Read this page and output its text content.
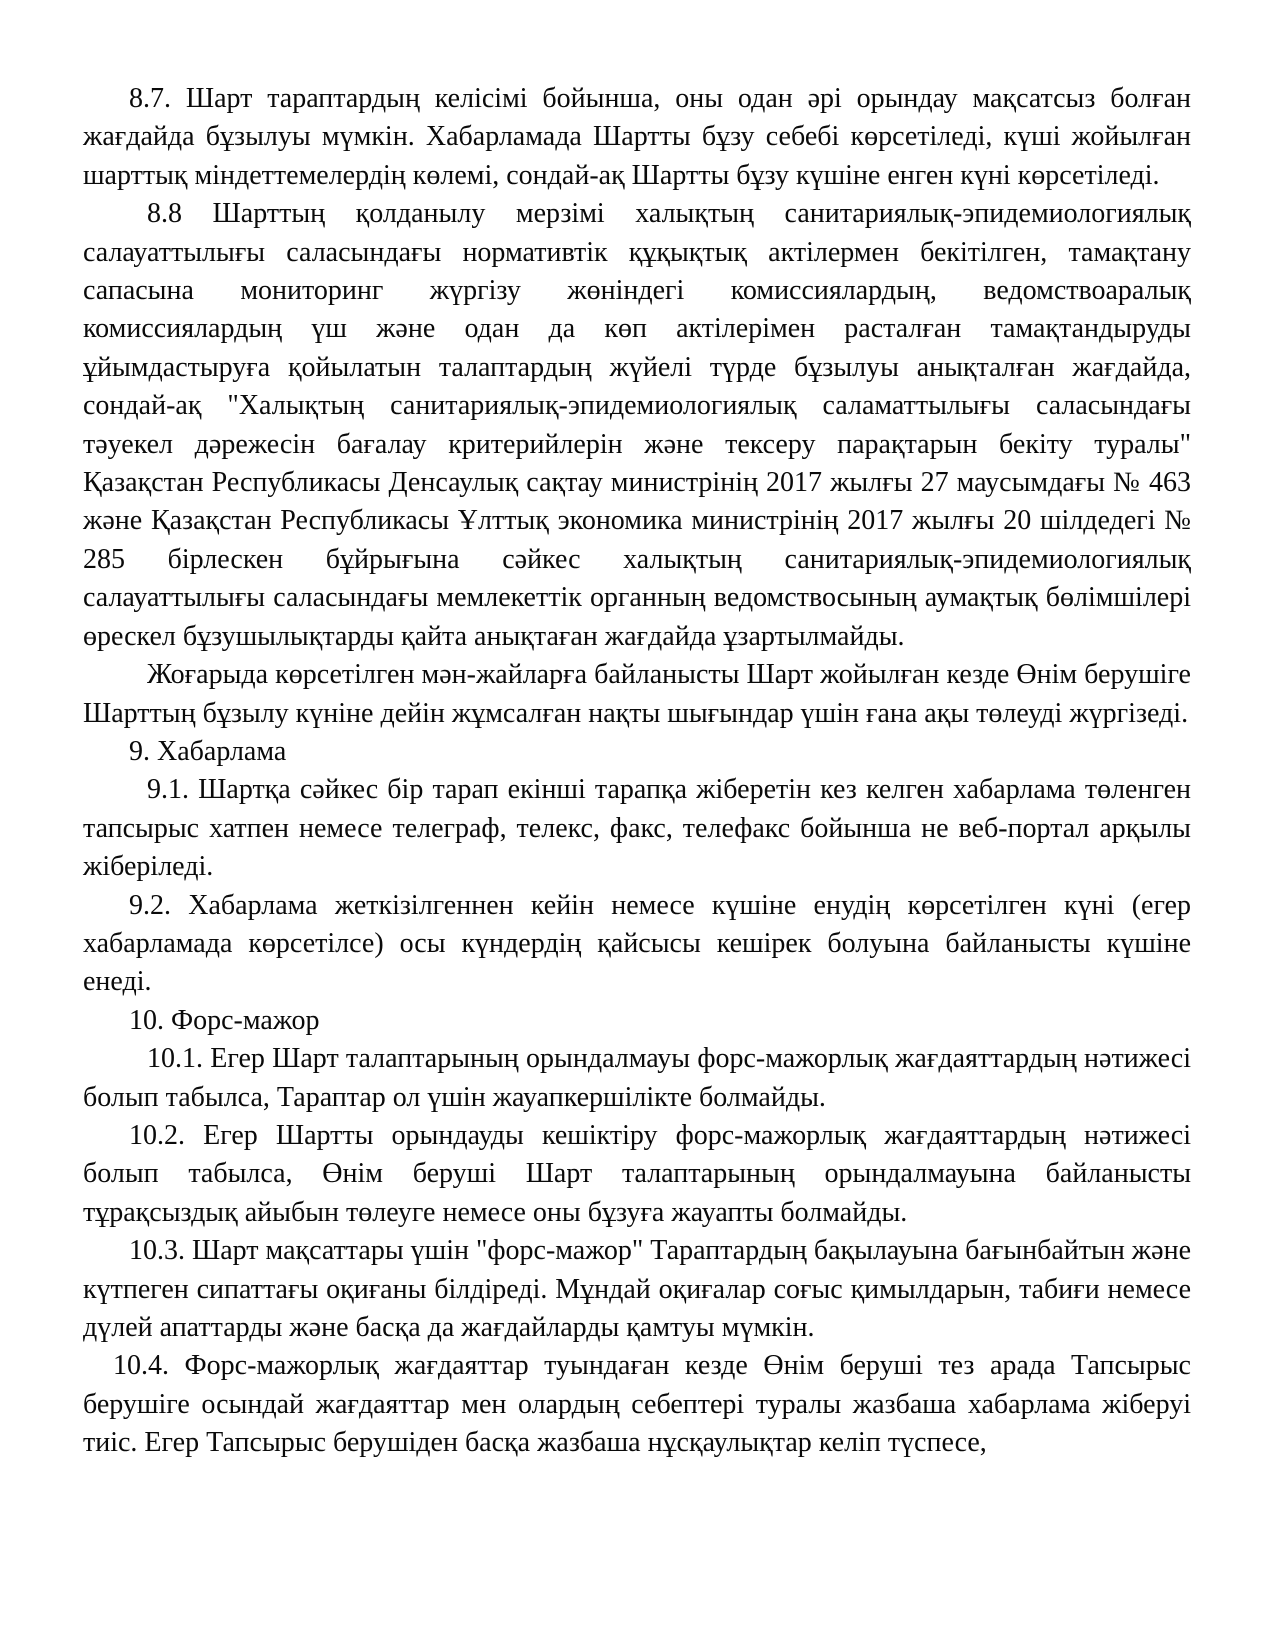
8.7. Шарт тараптардың келісімі бойынша, оны одан әрі орындау мақсатсыз болған жағдайда бұзылуы мүмкін. Хабарламада Шартты бұзу себебі көрсетіледі, күші жойылған шарттық міндеттемелердің көлемі, сондай-ақ Шартты бұзу күшіне енген күні көрсетіледі.

8.8 Шарттың қолданылу мерзімі халықтың санитариялық-эпидемиологиялық салауаттылығы саласындағы нормативтік құқықтық актілермен бекітілген, тамақтану сапасына мониторинг жүргізу жөніндегі комиссиялардың, ведомствоаралық комиссиялардың үш және одан да көп актілерімен расталған тамақтандыруды ұйымдастыруға қойылатын талаптардың жүйелі түрде бұзылуы анықталған жағдайда, сондай-ақ "Халықтың санитариялық-эпидемиологиялық саламаттылығы саласындағы тәуекел дәрежесін бағалау критерийлерін және тексеру парақтарын бекіту туралы" Қазақстан Республикасы Денсаулық сақтау министрінің 2017 жылғы 27 маусымдағы № 463 және Қазақстан Республикасы Ұлттық экономика министрінің 2017 жылғы 20 шілдедегі № 285 бірлескен бұйрығына сәйкес халықтың санитариялық-эпидемиологиялық салауаттылығы саласындағы мемлекеттік органның ведомствосының аумақтық бөлімшілері өрескел бұзушылықтарды қайта анықтаған жағдайда ұзартылмайды.

Жоғарыда көрсетілген мән-жайларға байланысты Шарт жойылған кезде Өнім берушіге Шарттың бұзылу күніне дейін жұмсалған нақты шығындар үшін ғана ақы төлеуді жүргізеді.

9. Хабарлама

9.1. Шартқа сәйкес бір тарап екінші тарапқа жіберетін кез келген хабарлама төленген тапсырыс хатпен немесе телеграф, телекс, факс, телефакс бойынша не веб-портал арқылы жіберіледі.

9.2. Хабарлама жеткізілгеннен кейін немесе күшіне енудің көрсетілген күні (егер хабарламада көрсетілсе) осы күндердің қайсысы кешірек болуына байланысты күшіне енеді.

10. Форс-мажор

10.1. Егер Шарт талаптарының орындалмауы форс-мажорлық жағдаяттардың нәтижесі болып табылса, Тараптар ол үшін жауапкершілікте болмайды.

10.2. Егер Шартты орындауды кешіктіру форс-мажорлық жағдаяттардың нәтижесі болып табылса, Өнім беруші Шарт талаптарының орындалмауына байланысты тұрақсыздық айыбын төлеуге немесе оны бұзуға жауапты болмайды.

10.3. Шарт мақсаттары үшін "форс-мажор" Тараптардың бақылауына бағынбайтын және күтпеген сипаттағы оқиғаны білдіреді. Мұндай оқиғалар соғыс қимылдарын, табиғи немесе дүлей апаттарды және басқа да жағдайларды қамтуы мүмкін.

10.4. Форс-мажорлық жағдаяттар туындаған кезде Өнім беруші тез арада Тапсырыс берушіге осындай жағдаяттар мен олардың себептері туралы жазбаша хабарлама жіберуі тиіс. Егер Тапсырыс берушіден басқа жазбаша нұсқаулықтар келіп түспесе,
